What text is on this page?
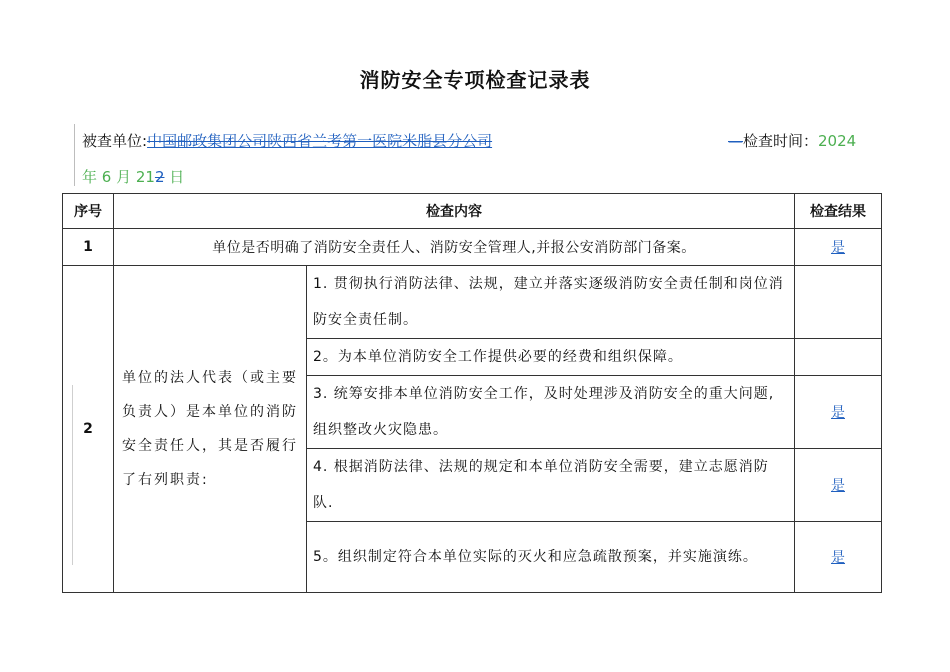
消防安全专项检查记录表
被查单位:中国邮政集团公司陕西省兰考第一医院米脂县分公司	—检查时间：2024
年 6 月 212 日
序号	检查内容		检查结果
1	单位是否明确了消防安全责任人、消防安全管理人,并报公安消防部门备案。		是
2	单位的法人代表（或主要负责人）是本单位的消防安全责任人，其是否履行了右列职责:	1. 贯彻执行消防法律、法规，建立并落实逐级消防安全责任制和岗位消防安全责任制。	
		2。为本单位消防安全工作提供必要的经费和组织保障。	
		3. 统筹安排本单位消防安全工作，及时处理涉及消防安全的重大问题,组织整改火灾隐患。	是
		4. 根据消防法律、法规的规定和本单位消防安全需要，建立志愿消防队.	是
		5。组织制定符合本单位实际的灭火和应急疏散预案，并实施演练。	是
